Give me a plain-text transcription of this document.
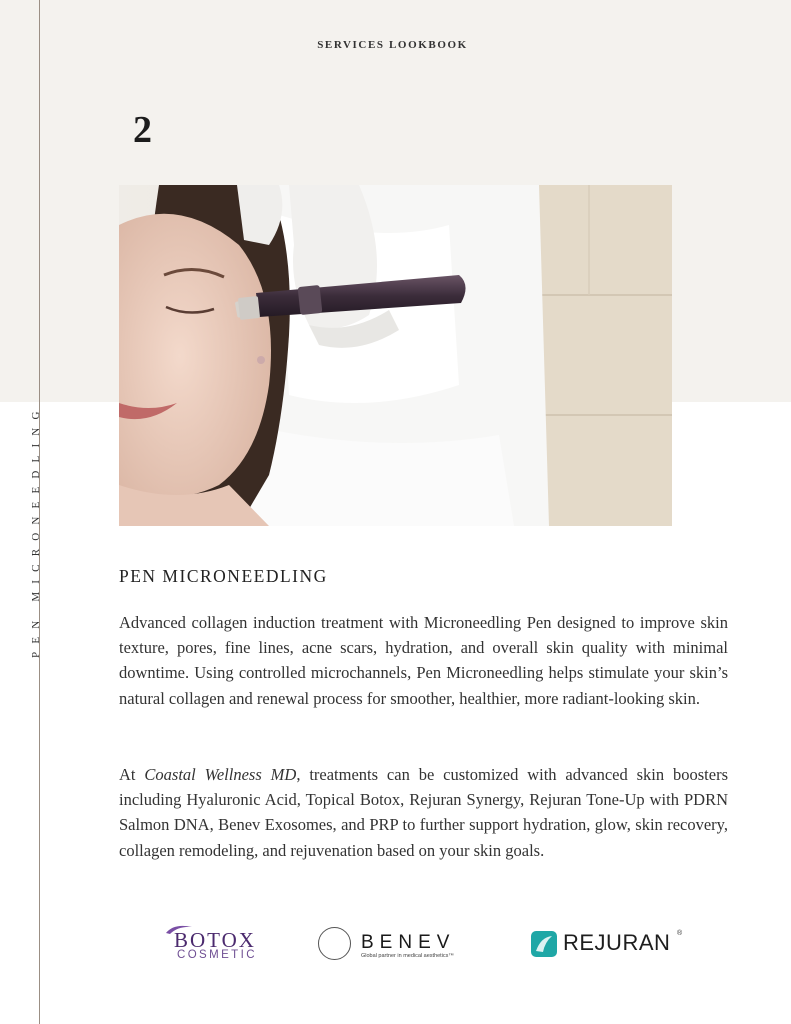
PEN MICRONEEDLING
SERVICES LOOKBOOK
2
PEN MICRONEEDLING

Advanced collagen induction treatment with Microneedling Pen designed to improve skin texture, pores, fine lines, acne scars, hydration, and overall skin quality with minimal downtime. Using controlled microchannels, Pen Microneedling helps stimulate your skin’s natural collagen and renewal process for smoother, healthier, more radiant-looking skin.

At Coastal Wellness MD, treatments can be customized with advanced skin boosters including Hyaluronic Acid, Topical Botox, Rejuran Synergy, Rejuran Tone-Up with PDRN Salmon DNA, Benev Exosomes, and PRP to further support hydration, glow, skin recovery, collagen remodeling, and rejuvenation based on your skin goals.

BOTOX
COSMETIC
BENEV
Global partner in medical aesthetics™
REJURAN ®
